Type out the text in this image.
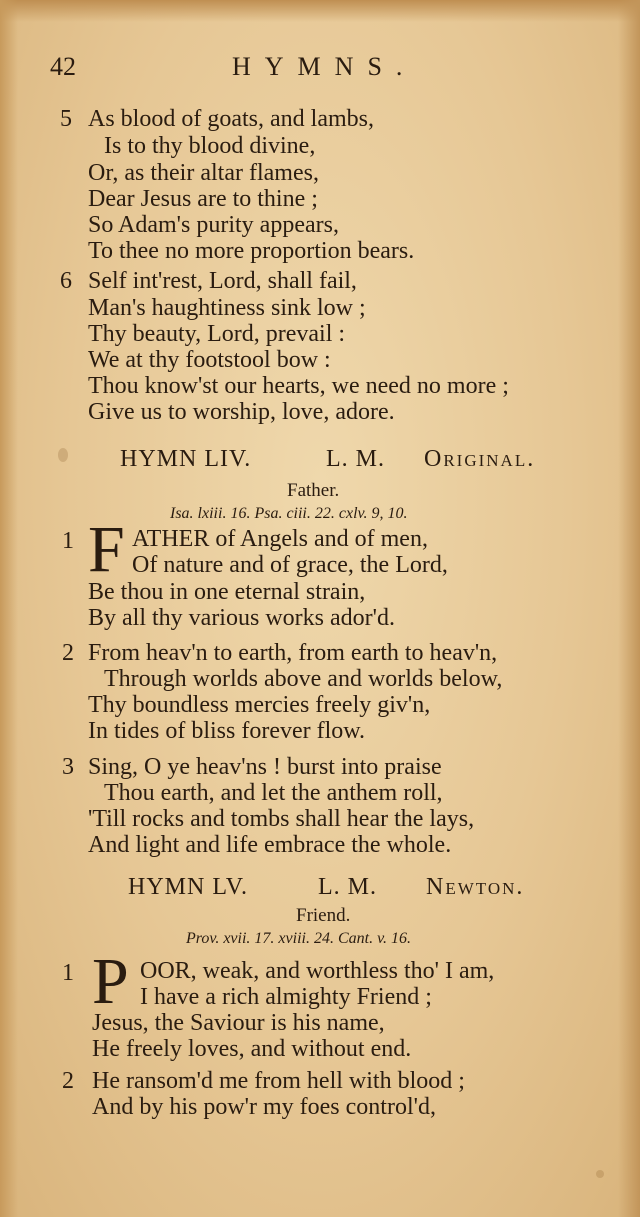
42	HYMNS.
5 As blood of goats, and lambs,
Is to thy blood divine,
Or, as their altar flames,
Dear Jesus are to thine ;
So Adam's purity appears,
To thee no more proportion bears.
6 Self int'rest, Lord, shall fail,
Man's haughtiness sink low ;
Thy beauty, Lord, prevail :
We at thy footstool bow :
Thou know'st our hearts, we need no more ;
Give us to worship, love, adore.
HYMN LIV.	L. M. Original.
Father.
Isa. lxiii. 16. Psa. ciii. 22. cxlv. 9, 10.
1 F ATHER of Angels and of men,
Of nature and of grace, the Lord,
Be thou in one eternal strain,
By all thy various works ador'd.
2 From heav'n to earth, from earth to heav'n,
Through worlds above and worlds below,
Thy boundless mercies freely giv'n,
In tides of bliss forever flow.
3 Sing, O ye heav'ns ! burst into praise
Thou earth, and let the anthem roll,
'Till rocks and tombs shall hear the lays,
And light and life embrace the whole.
HYMN LV.	L. M. Newton.
Friend.
Prov. xvii. 17. xviii. 24. Cant. v. 16.
1 P OOR, weak, and worthless tho' I am,
I have a rich almighty Friend ;
Jesus, the Saviour is his name,
He freely loves, and without end.
2 He ransom'd me from hell with blood ;
And by his pow'r my foes control'd,
